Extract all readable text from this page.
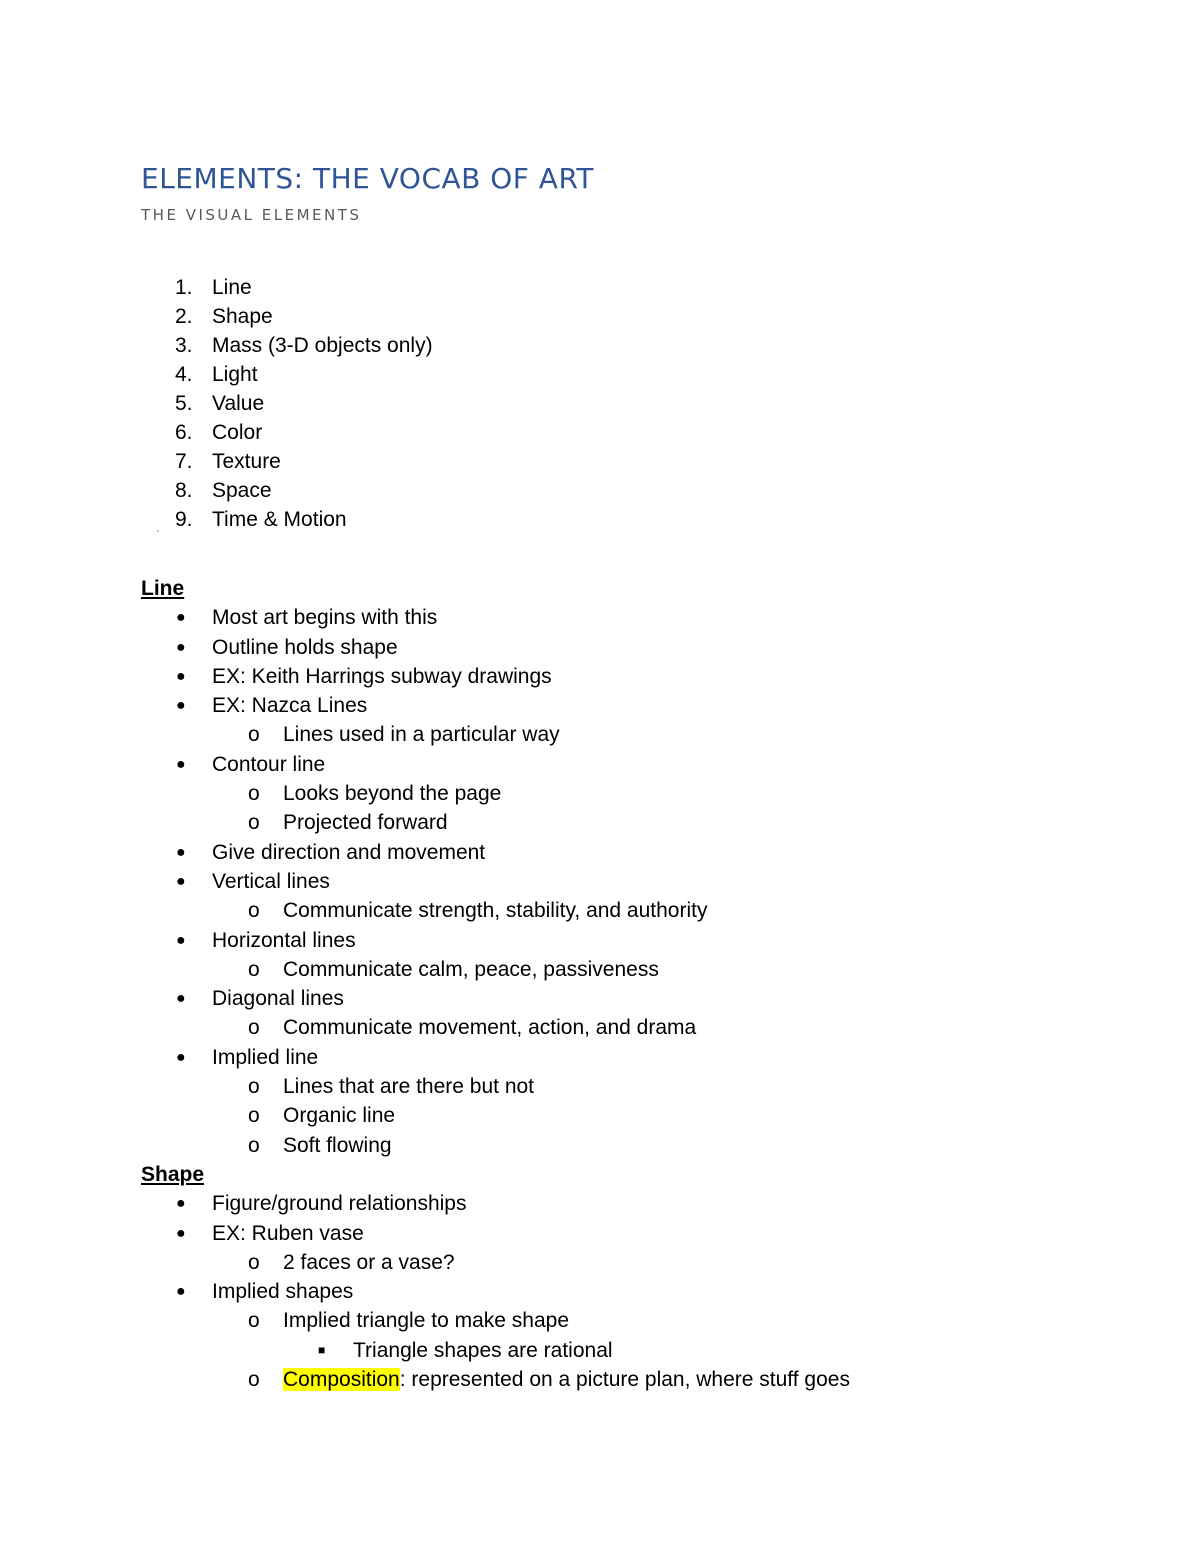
ELEMENTS: THE VOCAB OF ART
THE VISUAL ELEMENTS
1. Line
2. Shape
3. Mass (3-D objects only)
4. Light
5. Value
6. Color
7. Texture
8. Space
9. Time & Motion
Line
● Most art begins with this
● Outline holds shape
● EX: Keith Harrings subway drawings
● EX: Nazca Lines
o Lines used in a particular way
● Contour line
o Looks beyond the page
o Projected forward
● Give direction and movement
● Vertical lines
o Communicate strength, stability, and authority
● Horizontal lines
o Communicate calm, peace, passiveness
● Diagonal lines
o Communicate movement, action, and drama
● Implied line
o Lines that are there but not
o Organic line
o Soft flowing
Shape
● Figure/ground relationships
● EX: Ruben vase
o 2 faces or a vase?
● Implied shapes
o Implied triangle to make shape
■ Triangle shapes are rational
o Composition: represented on a picture plan, where stuff goes
